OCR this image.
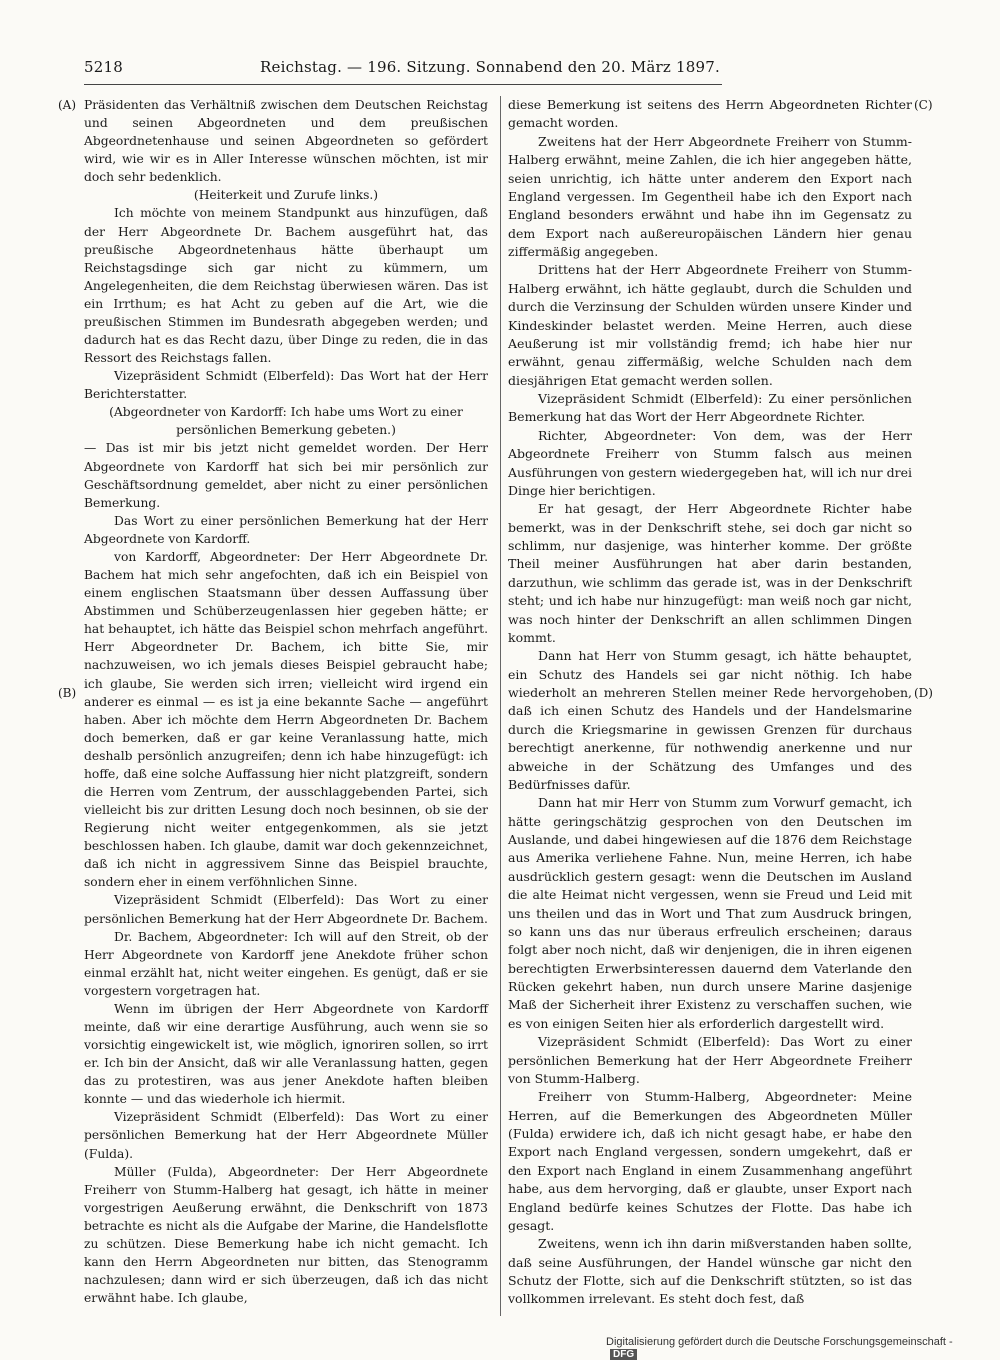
5218	Reichstag. — 196. Sitzung. Sonnabend den 20. März 1897.
(A)
(B)
(C)
(D)

Präsidenten das Verhältniß zwischen dem Deutschen Reichstag und seinen Abgeordneten und dem preußischen Abgeordnetenhause und seinen Abgeordneten so gefördert wird, wie wir es in Aller Interesse wünschen möchten, ist mir doch sehr bedenklich.

(Heiterkeit und Zurufe links.)

Ich möchte von meinem Standpunkt aus hinzufügen, daß der Herr Abgeordnete Dr. Bachem ausgeführt hat, das preußische Abgeordnetenhaus hätte überhaupt um Reichstagsdinge sich gar nicht zu kümmern, um Angelegenheiten, die dem Reichstag überwiesen wären. Das ist ein Irrthum; es hat Acht zu geben auf die Art, wie die preußischen Stimmen im Bundesrath abgegeben werden; und dadurch hat es das Recht dazu, über Dinge zu reden, die in das Ressort des Reichstags fallen.

Vizepräsident Schmidt (Elberfeld): Das Wort hat der Herr Berichterstatter.

(Abgeordneter von Kardorff: Ich habe ums Wort zu einer persönlichen Bemerkung gebeten.)

— Das ist mir bis jetzt nicht gemeldet worden. Der Herr Abgeordnete von Kardorff hat sich bei mir persönlich zur Geschäftsordnung gemeldet, aber nicht zu einer persönlichen Bemerkung.

Das Wort zu einer persönlichen Bemerkung hat der Herr Abgeordnete von Kardorff.

von Kardorff, Abgeordneter: Der Herr Abgeordnete Dr. Bachem hat mich sehr angefochten, daß ich ein Beispiel von einem englischen Staatsmann über dessen Auffassung über Abstimmen und Schüberzeugenlassen hier gegeben hätte; er hat behauptet, ich hätte das Beispiel schon mehrfach angeführt. Herr Abgeordneter Dr. Bachem, ich bitte Sie, mir nachzuweisen, wo ich jemals dieses Beispiel gebraucht habe; ich glaube, Sie werden sich irren; vielleicht wird irgend ein anderer es einmal — es ist ja eine bekannte Sache — angeführt haben. Aber ich möchte dem Herrn Abgeordneten Dr. Bachem doch bemerken, daß er gar keine Veranlassung hatte, mich deshalb persönlich anzugreifen; denn ich habe hinzugefügt: ich hoffe, daß eine solche Auffassung hier nicht platzgreift, sondern die Herren vom Zentrum, der ausschlaggebenden Partei, sich vielleicht bis zur dritten Lesung doch noch besinnen, ob sie der Regierung nicht weiter entgegenkommen, als sie jetzt beschlossen haben. Ich glaube, damit war doch gekennzeichnet, daß ich nicht in aggressivem Sinne das Beispiel brauchte, sondern eher in einem verföhnlichen Sinne.

Vizepräsident Schmidt (Elberfeld): Das Wort zu einer persönlichen Bemerkung hat der Herr Abgeordnete Dr. Bachem.

Dr. Bachem, Abgeordneter: Ich will auf den Streit, ob der Herr Abgeordnete von Kardorff jene Anekdote früher schon einmal erzählt hat, nicht weiter eingehen. Es genügt, daß er sie vorgestern vorgetragen hat.

Wenn im übrigen der Herr Abgeordnete von Kardorff meinte, daß wir eine derartige Ausführung, auch wenn sie so vorsichtig eingewickelt ist, wie möglich, ignoriren sollen, so irrt er. Ich bin der Ansicht, daß wir alle Veranlassung hatten, gegen das zu protestiren, was aus jener Anekdote haften bleiben konnte — und das wiederhole ich hiermit.

Vizepräsident Schmidt (Elberfeld): Das Wort zu einer persönlichen Bemerkung hat der Herr Abgeordnete Müller (Fulda).

Müller (Fulda), Abgeordneter: Der Herr Abgeordnete Freiherr von Stumm-Halberg hat gesagt, ich hätte in meiner vorgestrigen Aeußerung erwähnt, die Denkschrift von 1873 betrachte es nicht als die Aufgabe der Marine, die Handelsflotte zu schützen. Diese Bemerkung habe ich nicht gemacht. Ich kann den Herrn Abgeordneten nur bitten, das Stenogramm nachzulesen; dann wird er sich überzeugen, daß ich das nicht erwähnt habe. Ich glaube,

diese Bemerkung ist seitens des Herrn Abgeordneten Richter gemacht worden.

Zweitens hat der Herr Abgeordnete Freiherr von Stumm-Halberg erwähnt, meine Zahlen, die ich hier angegeben hätte, seien unrichtig, ich hätte unter anderem den Export nach England vergessen. Im Gegentheil habe ich den Export nach England besonders erwähnt und habe ihn im Gegensatz zu dem Export nach außereuropäischen Ländern hier genau ziffermäßig angegeben.

Drittens hat der Herr Abgeordnete Freiherr von Stumm-Halberg erwähnt, ich hätte geglaubt, durch die Schulden und durch die Verzinsung der Schulden würden unsere Kinder und Kindeskinder belastet werden. Meine Herren, auch diese Aeußerung ist mir vollständig fremd; ich habe hier nur erwähnt, genau ziffermäßig, welche Schulden nach dem diesjährigen Etat gemacht werden sollen.

Vizepräsident Schmidt (Elberfeld): Zu einer persönlichen Bemerkung hat das Wort der Herr Abgeordnete Richter.

Richter, Abgeordneter: Von dem, was der Herr Abgeordnete Freiherr von Stumm falsch aus meinen Ausführungen von gestern wiedergegeben hat, will ich nur drei Dinge hier berichtigen.

Er hat gesagt, der Herr Abgeordnete Richter habe bemerkt, was in der Denkschrift stehe, sei doch gar nicht so schlimm, nur dasjenige, was hinterher komme. Der größte Theil meiner Ausführungen hat aber darin bestanden, darzuthun, wie schlimm das gerade ist, was in der Denkschrift steht; und ich habe nur hinzugefügt: man weiß noch gar nicht, was noch hinter der Denkschrift an allen schlimmen Dingen kommt.

Dann hat Herr von Stumm gesagt, ich hätte behauptet, ein Schutz des Handels sei gar nicht nöthig. Ich habe wiederholt an mehreren Stellen meiner Rede hervorgehoben, daß ich einen Schutz des Handels und der Handelsmarine durch die Kriegsmarine in gewissen Grenzen für durchaus berechtigt anerkenne, für nothwendig anerkenne und nur abweiche in der Schätzung des Umfanges und des Bedürfnisses dafür.

Dann hat mir Herr von Stumm zum Vorwurf gemacht, ich hätte geringschätzig gesprochen von den Deutschen im Auslande, und dabei hingewiesen auf die 1876 dem Reichstage aus Amerika verliehene Fahne. Nun, meine Herren, ich habe ausdrücklich gestern gesagt: wenn die Deutschen im Ausland die alte Heimat nicht vergessen, wenn sie Freud und Leid mit uns theilen und das in Wort und That zum Ausdruck bringen, so kann uns das nur überaus erfreulich erscheinen; daraus folgt aber noch nicht, daß wir denjenigen, die in ihren eigenen berechtigten Erwerbsinteressen dauernd dem Vaterlande den Rücken gekehrt haben, nun durch unsere Marine dasjenige Maß der Sicherheit ihrer Existenz zu verschaffen suchen, wie es von einigen Seiten hier als erforderlich dargestellt wird.

Vizepräsident Schmidt (Elberfeld): Das Wort zu einer persönlichen Bemerkung hat der Herr Abgeordnete Freiherr von Stumm-Halberg.

Freiherr von Stumm-Halberg, Abgeordneter: Meine Herren, auf die Bemerkungen des Abgeordneten Müller (Fulda) erwidere ich, daß ich nicht gesagt habe, er habe den Export nach England vergessen, sondern umgekehrt, daß er den Export nach England in einem Zusammenhang angeführt habe, aus dem hervorging, daß er glaubte, unser Export nach England bedürfe keines Schutzes der Flotte. Das habe ich gesagt.

Zweitens, wenn ich ihn darin mißverstanden haben sollte, daß seine Ausführungen, der Handel wünsche gar nicht den Schutz der Flotte, sich auf die Denkschrift stützten, so ist das vollkommen irrelevant. Es steht doch fest, daß

Digitalisierung gefördert durch die Deutsche Forschungsgemeinschaft - DFG
